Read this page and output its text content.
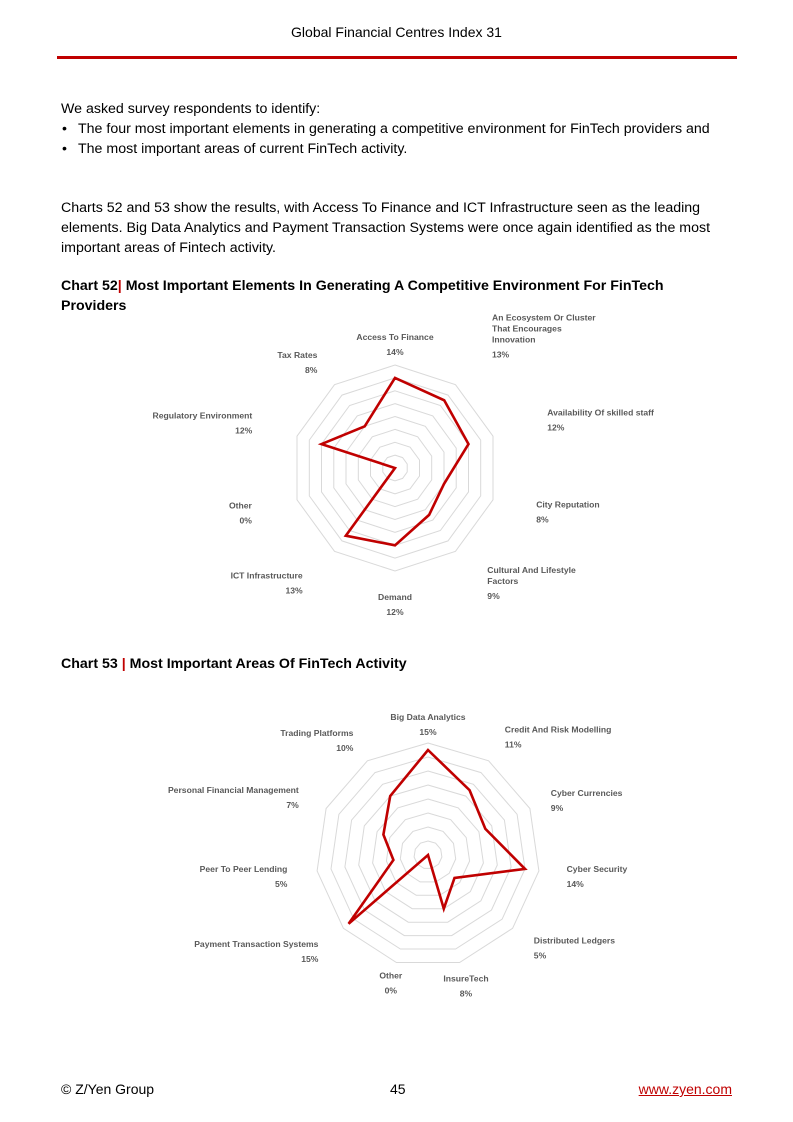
Global Financial Centres Index 31
We asked survey respondents to identify:
• The four most important elements in generating a competitive environment for FinTech providers and
• The most important areas of current FinTech activity.
Charts 52 and 53 show the results, with Access To Finance and ICT Infrastructure seen as the leading elements. Big Data Analytics and Payment Transaction Systems were once again identified as the most important areas of Fintech activity.
Chart 52| Most Important Elements In Generating A Competitive Environment For FinTech Providers
Access To Finance
14%
An Ecosystem Or Cluster
That Encourages
Innovation
13%
Availability Of skilled staff
12%
City Reputation
8%
Cultural And Lifestyle
Factors
9%
Demand
12%
ICT Infrastructure
13%
Other
0%
Regulatory Environment
12%
Tax Rates
8%
Chart 53 | Most Important Areas Of FinTech Activity
Big Data Analytics
15%	Credit And Risk Modelling
11%
Cyber Currencies
9%
Cyber Security
14%
Distributed Ledgers
5%
InsureTech
8%
Other
0%
Payment Transaction Systems
15%
Peer To Peer Lending
5%
Personal Financial Management
7%
Trading Platforms
10%
© Z/Yen Group	45	www.zyen.com
